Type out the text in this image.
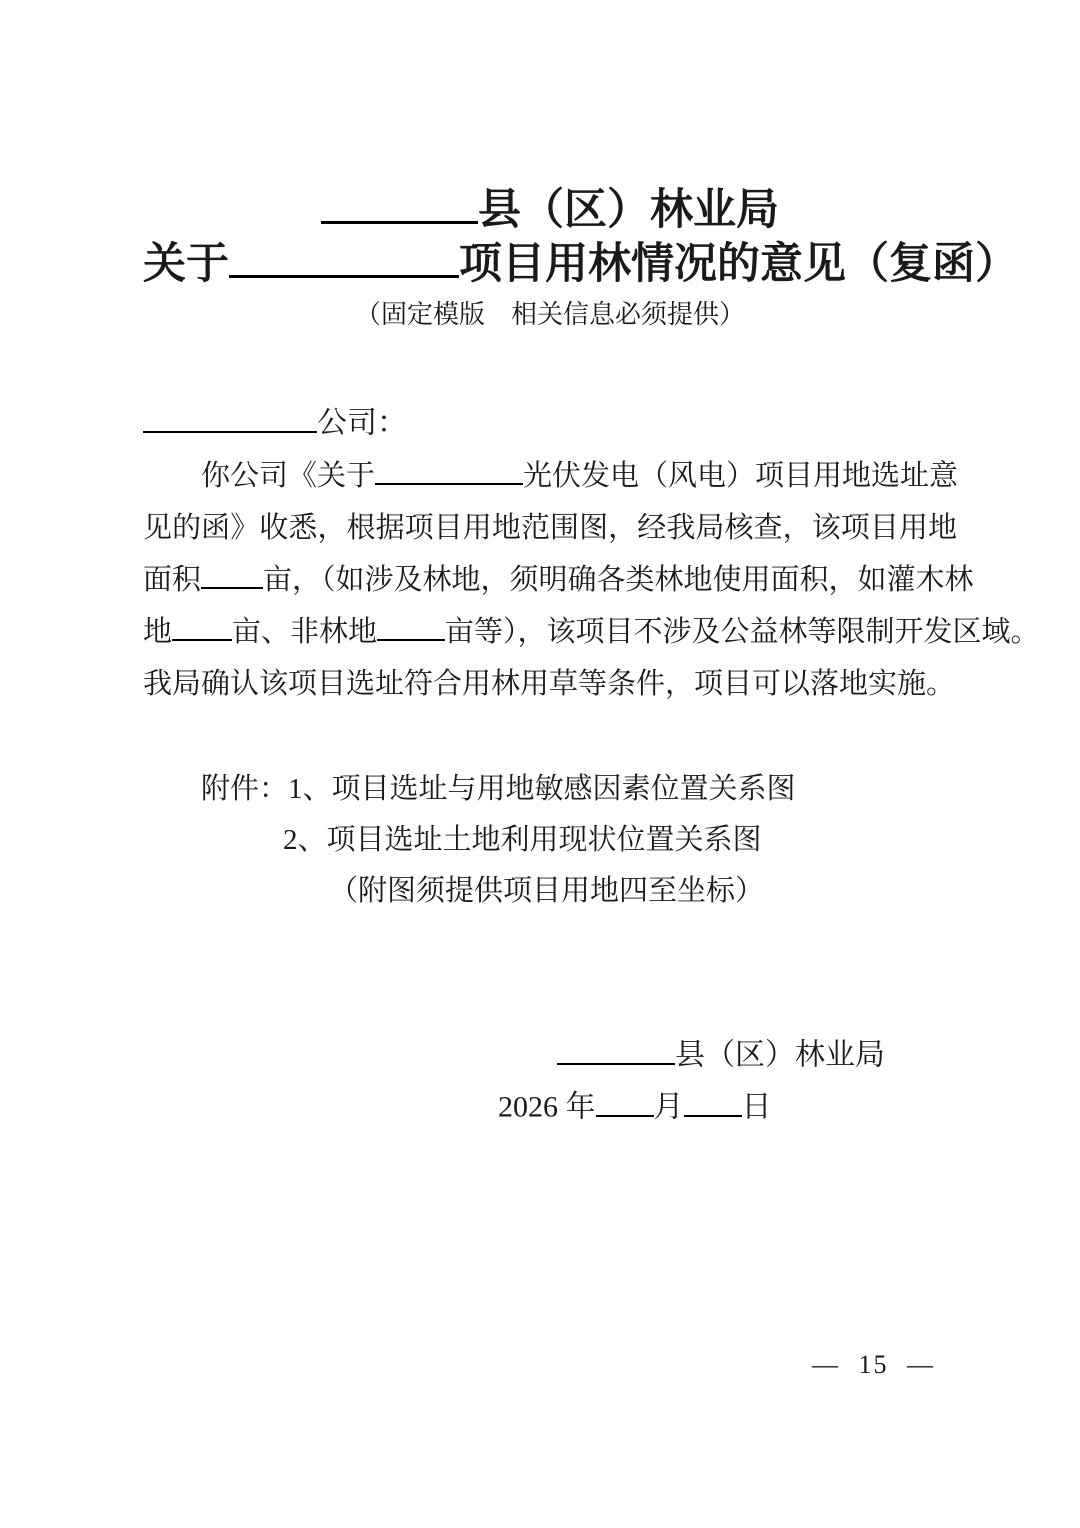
县（区）林业局
关于	项目用林情况的意见（复函）
（固定模版　相关信息必须提供）
公司：
你公司《关于	光伏发电（风电）项目用地选址意
见的函》收悉，根据项目用地范围图，经我局核查，该项目用地
面积 亩，（如涉及林地，须明确各类林地使用面积，如灌木林
地 亩、非林地 亩等），该项目不涉及公益林等限制开发区域。
我局确认该项目选址符合用林用草等条件，项目可以落地实施。
附件：1、项目选址与用地敏感因素位置关系图
2、项目选址土地利用现状位置关系图
（附图须提供项目用地四至坐标）
县（区）林业局
2026 年 月 日
— 15 —
